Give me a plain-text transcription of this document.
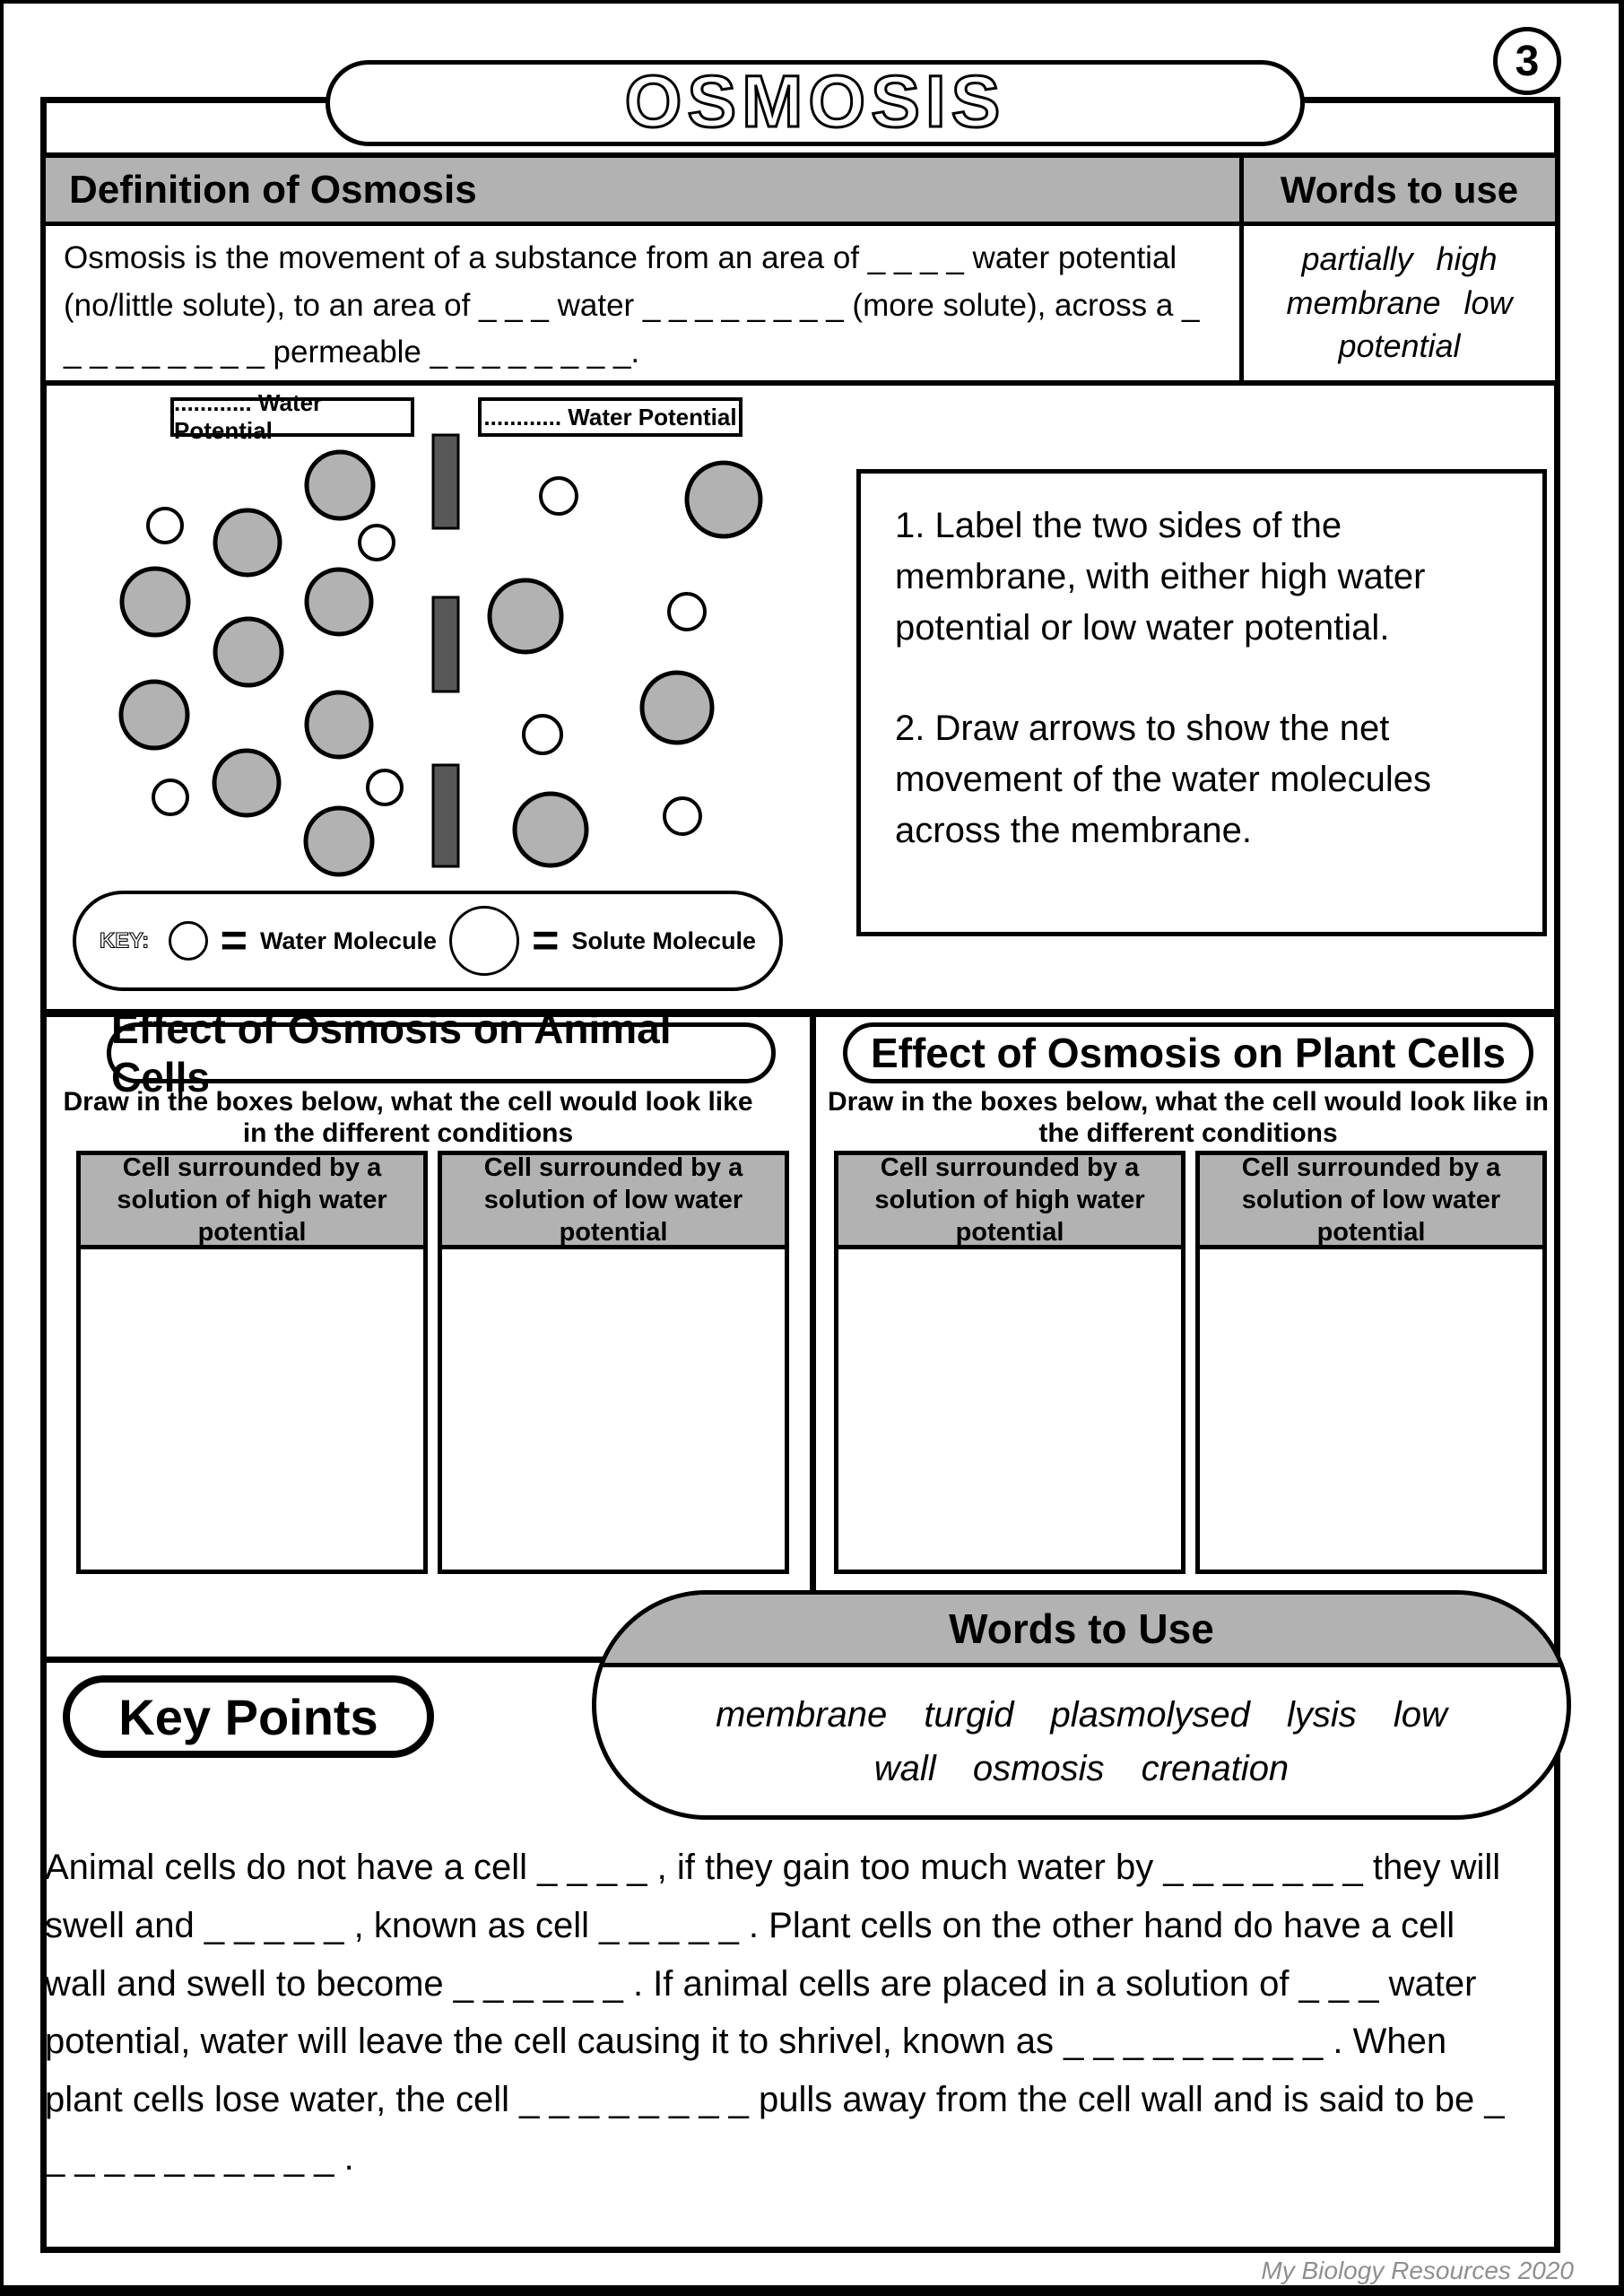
3
OSMOSIS
Definition of Osmosis	Words to use
Osmosis is the movement of a substance from an area of _ _ _ _ water potential (no/little solute), to an area of _ _ _ water _ _ _ _ _ _ _ _ (more solute), across a _ _ _ _ _ _ _ _ _ permeable _ _ _ _ _ _ _ _.
partially high
membrane low
potential
............ Water Potential
............ Water Potential

1. Label the two sides of the membrane, with either high water potential or low water potential.

2. Draw arrows to show the net movement of the water molecules across the membrane.

KEY: = Water Molecule = Solute Molecule
Effect of Osmosis on Animal Cells
Draw in the boxes below, what the cell would look like in the different conditions
Cell surrounded by a solution of high water potential
Cell surrounded by a solution of low water potential
Effect of Osmosis on Plant Cells
Draw in the boxes below, what the cell would look like in the different conditions
Cell surrounded by a solution of high water potential
Cell surrounded by a solution of low water potential
Words to Use
membrane turgid plasmolysed lysis low
wall osmosis crenation
Key Points
Animal cells do not have a cell _ _ _ _ , if they gain too much water by _ _ _ _ _ _ _ they will swell and _ _ _ _ _ , known as cell _ _ _ _ _ . Plant cells on the other hand do have a cell wall and swell to become _ _ _ _ _ _ . If animal cells are placed in a solution of _ _ _ water potential, water will leave the cell causing it to shrivel, known as _ _ _ _ _ _ _ _ _ . When plant cells lose water, the cell _ _ _ _ _ _ _ _ pulls away from the cell wall and is said to be _ _ _ _ _ _ _ _ _ _ _ .
My Biology Resources 2020
